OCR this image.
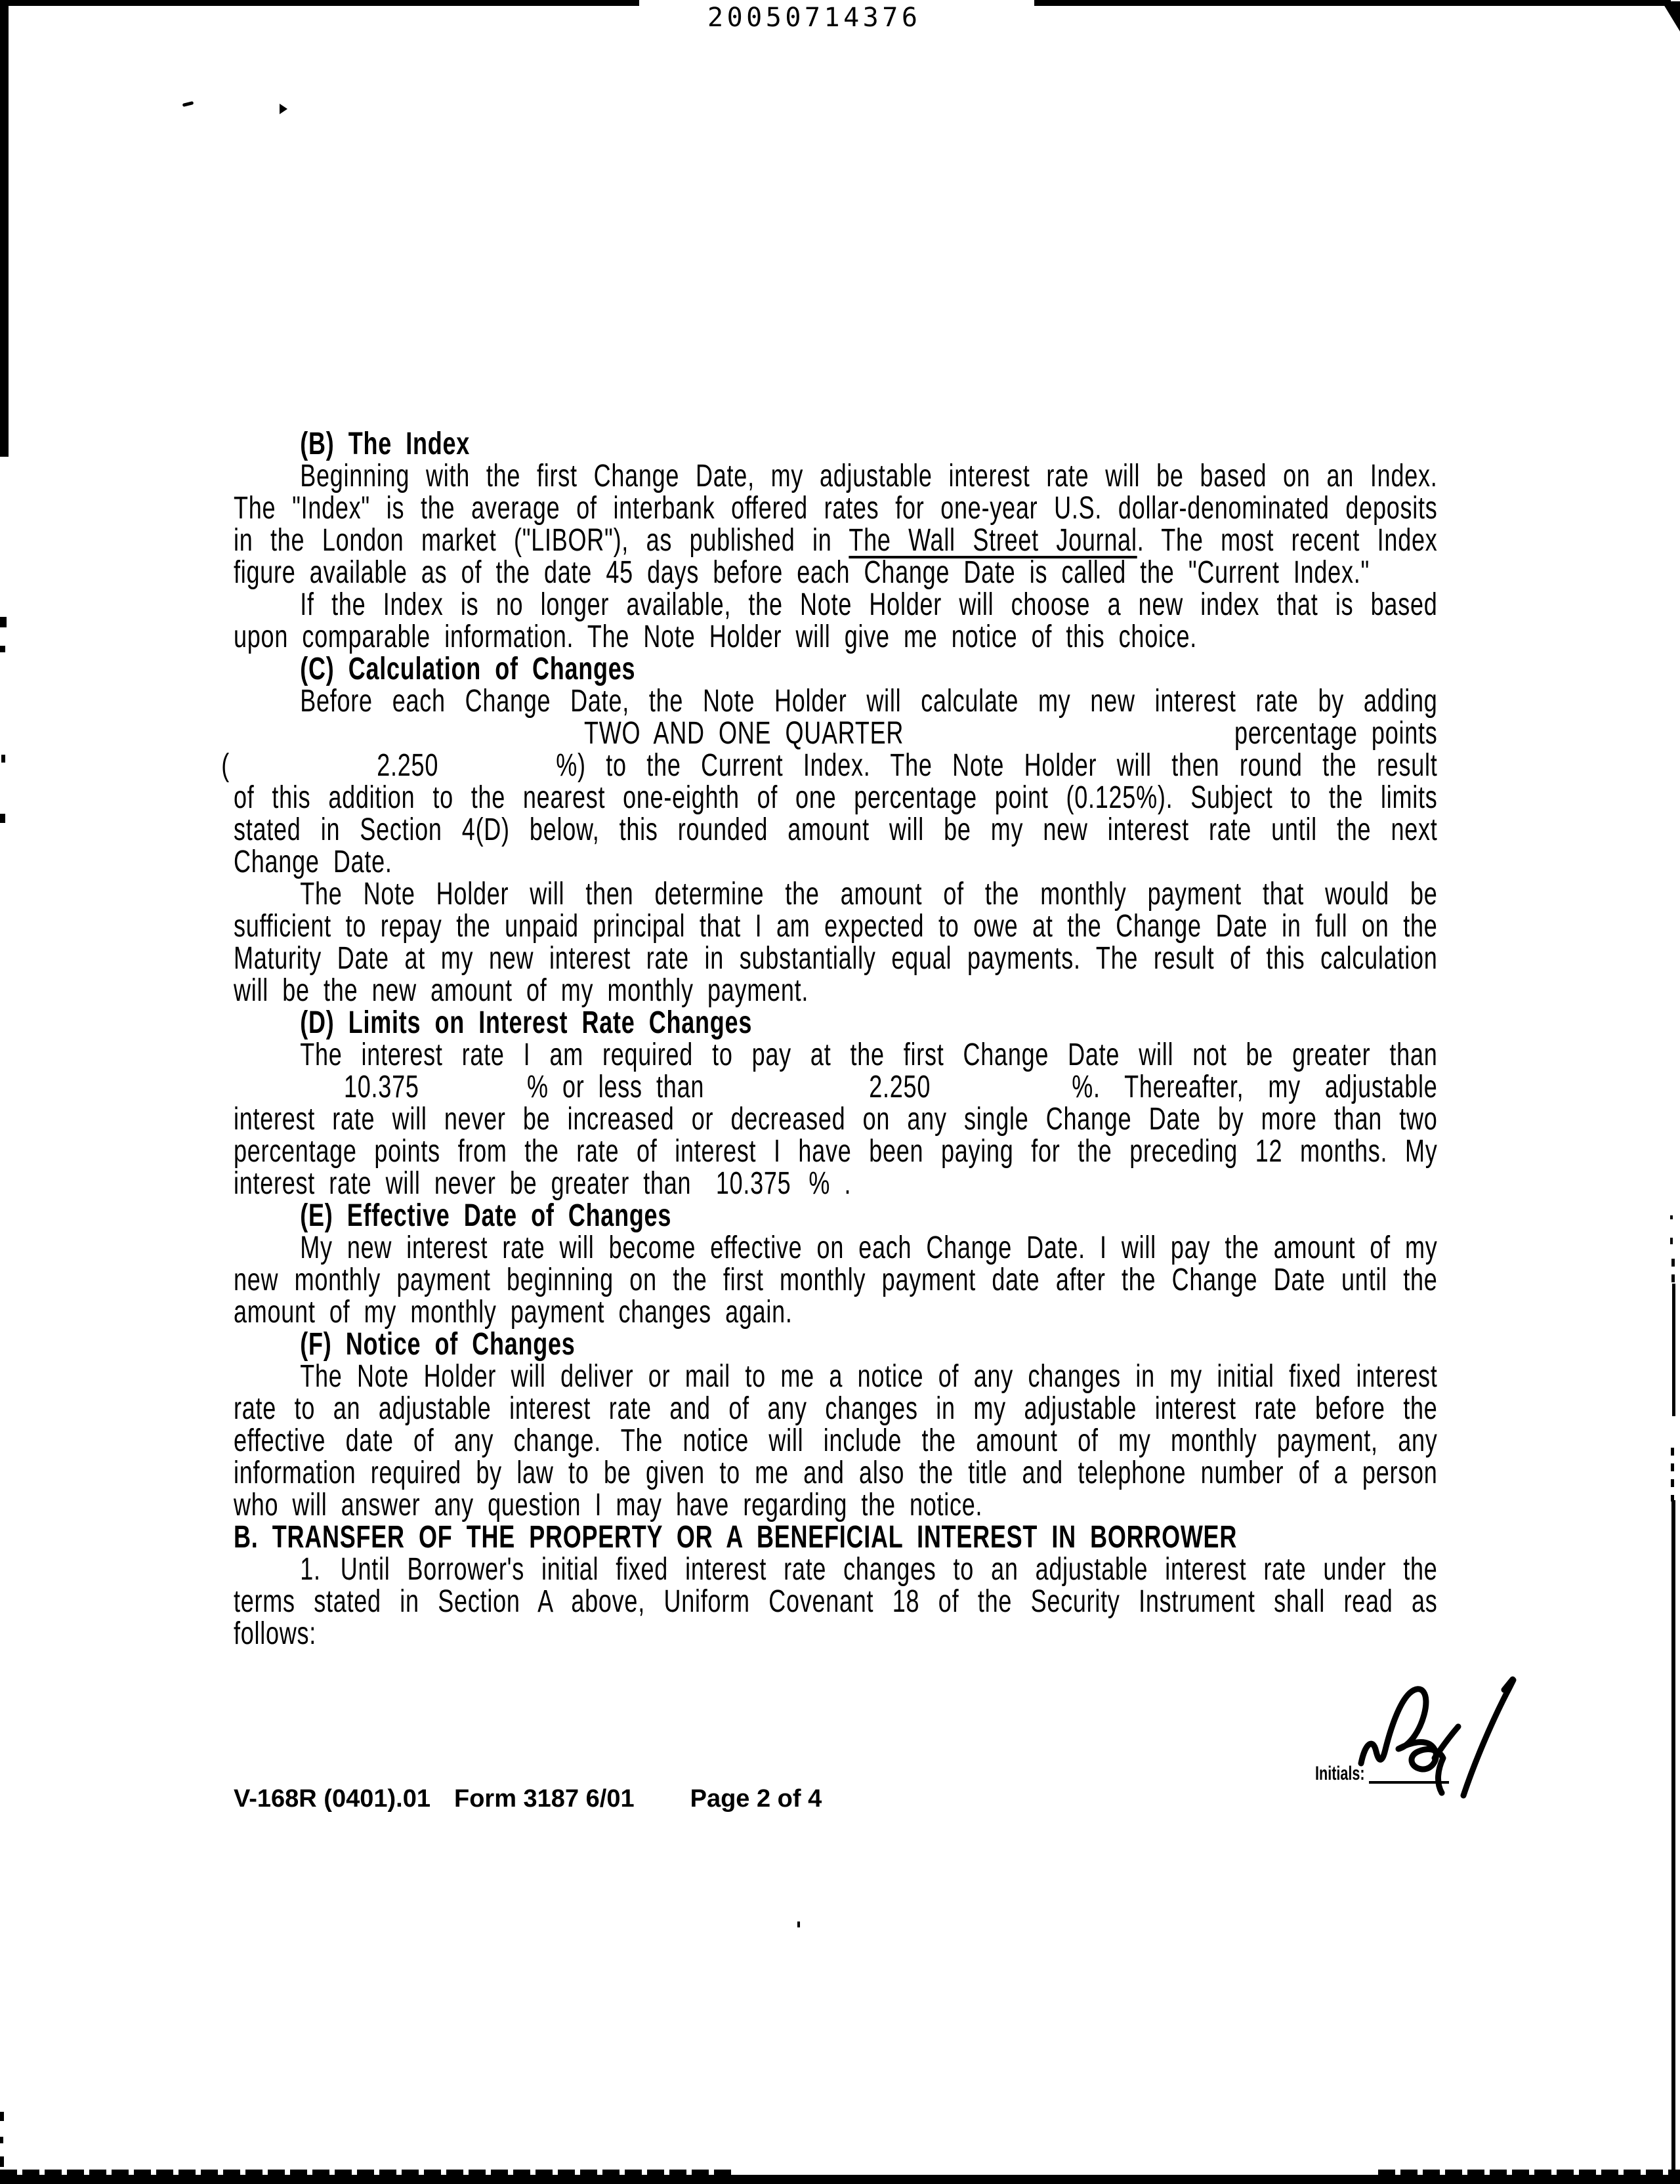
20050714376
(B) The Index
Beginning with the first Change Date, my adjustable interest rate will be based on an Index. The "Index" is the average of interbank offered rates for one-year U.S. dollar-denominated deposits in the London market ("LIBOR"), as published in The Wall Street Journal. The most recent Index figure available as of the date 45 days before each Change Date is called the "Current Index."
If the Index is no longer available, the Note Holder will choose a new index that is based upon comparable information. The Note Holder will give me notice of this choice.
(C) Calculation of Changes
Before each Change Date, the Note Holder will calculate my new interest rate by adding
TWO AND ONE QUARTER	percentage points
(	2.250	%) to the Current Index. The Note Holder will then round the result
of this addition to the nearest one-eighth of one percentage point (0.125%). Subject to the limits stated in Section 4(D) below, this rounded amount will be my new interest rate until the next Change Date.
The Note Holder will then determine the amount of the monthly payment that would be sufficient to repay the unpaid principal that I am expected to owe at the Change Date in full on the Maturity Date at my new interest rate in substantially equal payments. The result of this calculation will be the new amount of my monthly payment.
(D) Limits on Interest Rate Changes
The interest rate I am required to pay at the first Change Date will not be greater than
10.375	% or less than	2.250	%. Thereafter, my adjustable
interest rate will never be increased or decreased on any single Change Date by more than two percentage points from the rate of interest I have been paying for the preceding 12 months. My interest rate will never be greater than 10.375 % .
(E) Effective Date of Changes
My new interest rate will become effective on each Change Date. I will pay the amount of my new monthly payment beginning on the first monthly payment date after the Change Date until the amount of my monthly payment changes again.
(F) Notice of Changes
The Note Holder will deliver or mail to me a notice of any changes in my initial fixed interest rate to an adjustable interest rate and of any changes in my adjustable interest rate before the effective date of any change. The notice will include the amount of my monthly payment, any information required by law to be given to me and also the title and telephone number of a person who will answer any question I may have regarding the notice.
B. TRANSFER OF THE PROPERTY OR A BENEFICIAL INTEREST IN BORROWER
1. Until Borrower's initial fixed interest rate changes to an adjustable interest rate under the terms stated in Section A above, Uniform Covenant 18 of the Security Instrument shall read as follows:
Initials:
V-168R (0401).01 Form 3187 6/01 Page 2 of 4
